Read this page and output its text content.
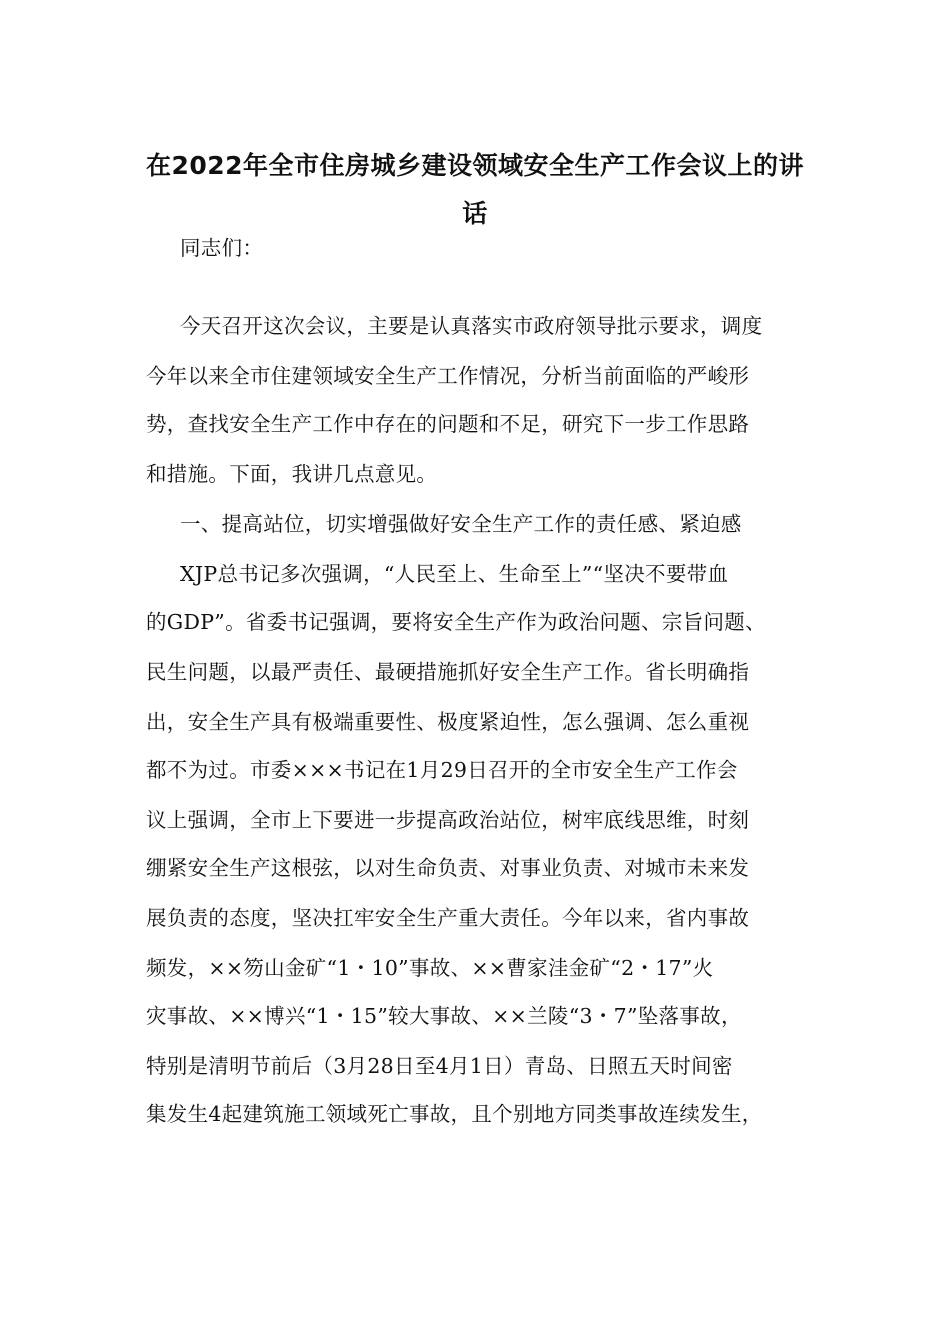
在2022年全市住房城乡建设领域安全生产工作会议上的讲
话
同志们：
今天召开这次会议，主要是认真落实市政府领导批示要求，调度
今年以来全市住建领域安全生产工作情况，分析当前面临的严峻形
势，查找安全生产工作中存在的问题和不足，研究下一步工作思路
和措施。下面，我讲几点意见。
一、提高站位，切实增强做好安全生产工作的责任感、紧迫感
XJP总书记多次强调，“人民至上、生命至上”“坚决不要带血
的GDP”。省委书记强调，要将安全生产作为政治问题、宗旨问题、
民生问题，以最严责任、最硬措施抓好安全生产工作。省长明确指
出，安全生产具有极端重要性、极度紧迫性，怎么强调、怎么重视
都不为过。市委×××书记在1月29日召开的全市安全生产工作会
议上强调，全市上下要进一步提高政治站位，树牢底线思维，时刻
绷紧安全生产这根弦，以对生命负责、对事业负责、对城市未来发
展负责的态度，坚决扛牢安全生产重大责任。今年以来，省内事故
频发，××笏山金矿“1・10”事故、××曹家洼金矿“2・17”火
灾事故、××博兴“1・15”较大事故、××兰陵“3・7”坠落事故，
特别是清明节前后（3月28日至4月1日）青岛、日照五天时间密
集发生4起建筑施工领域死亡事故，且个别地方同类事故连续发生，
